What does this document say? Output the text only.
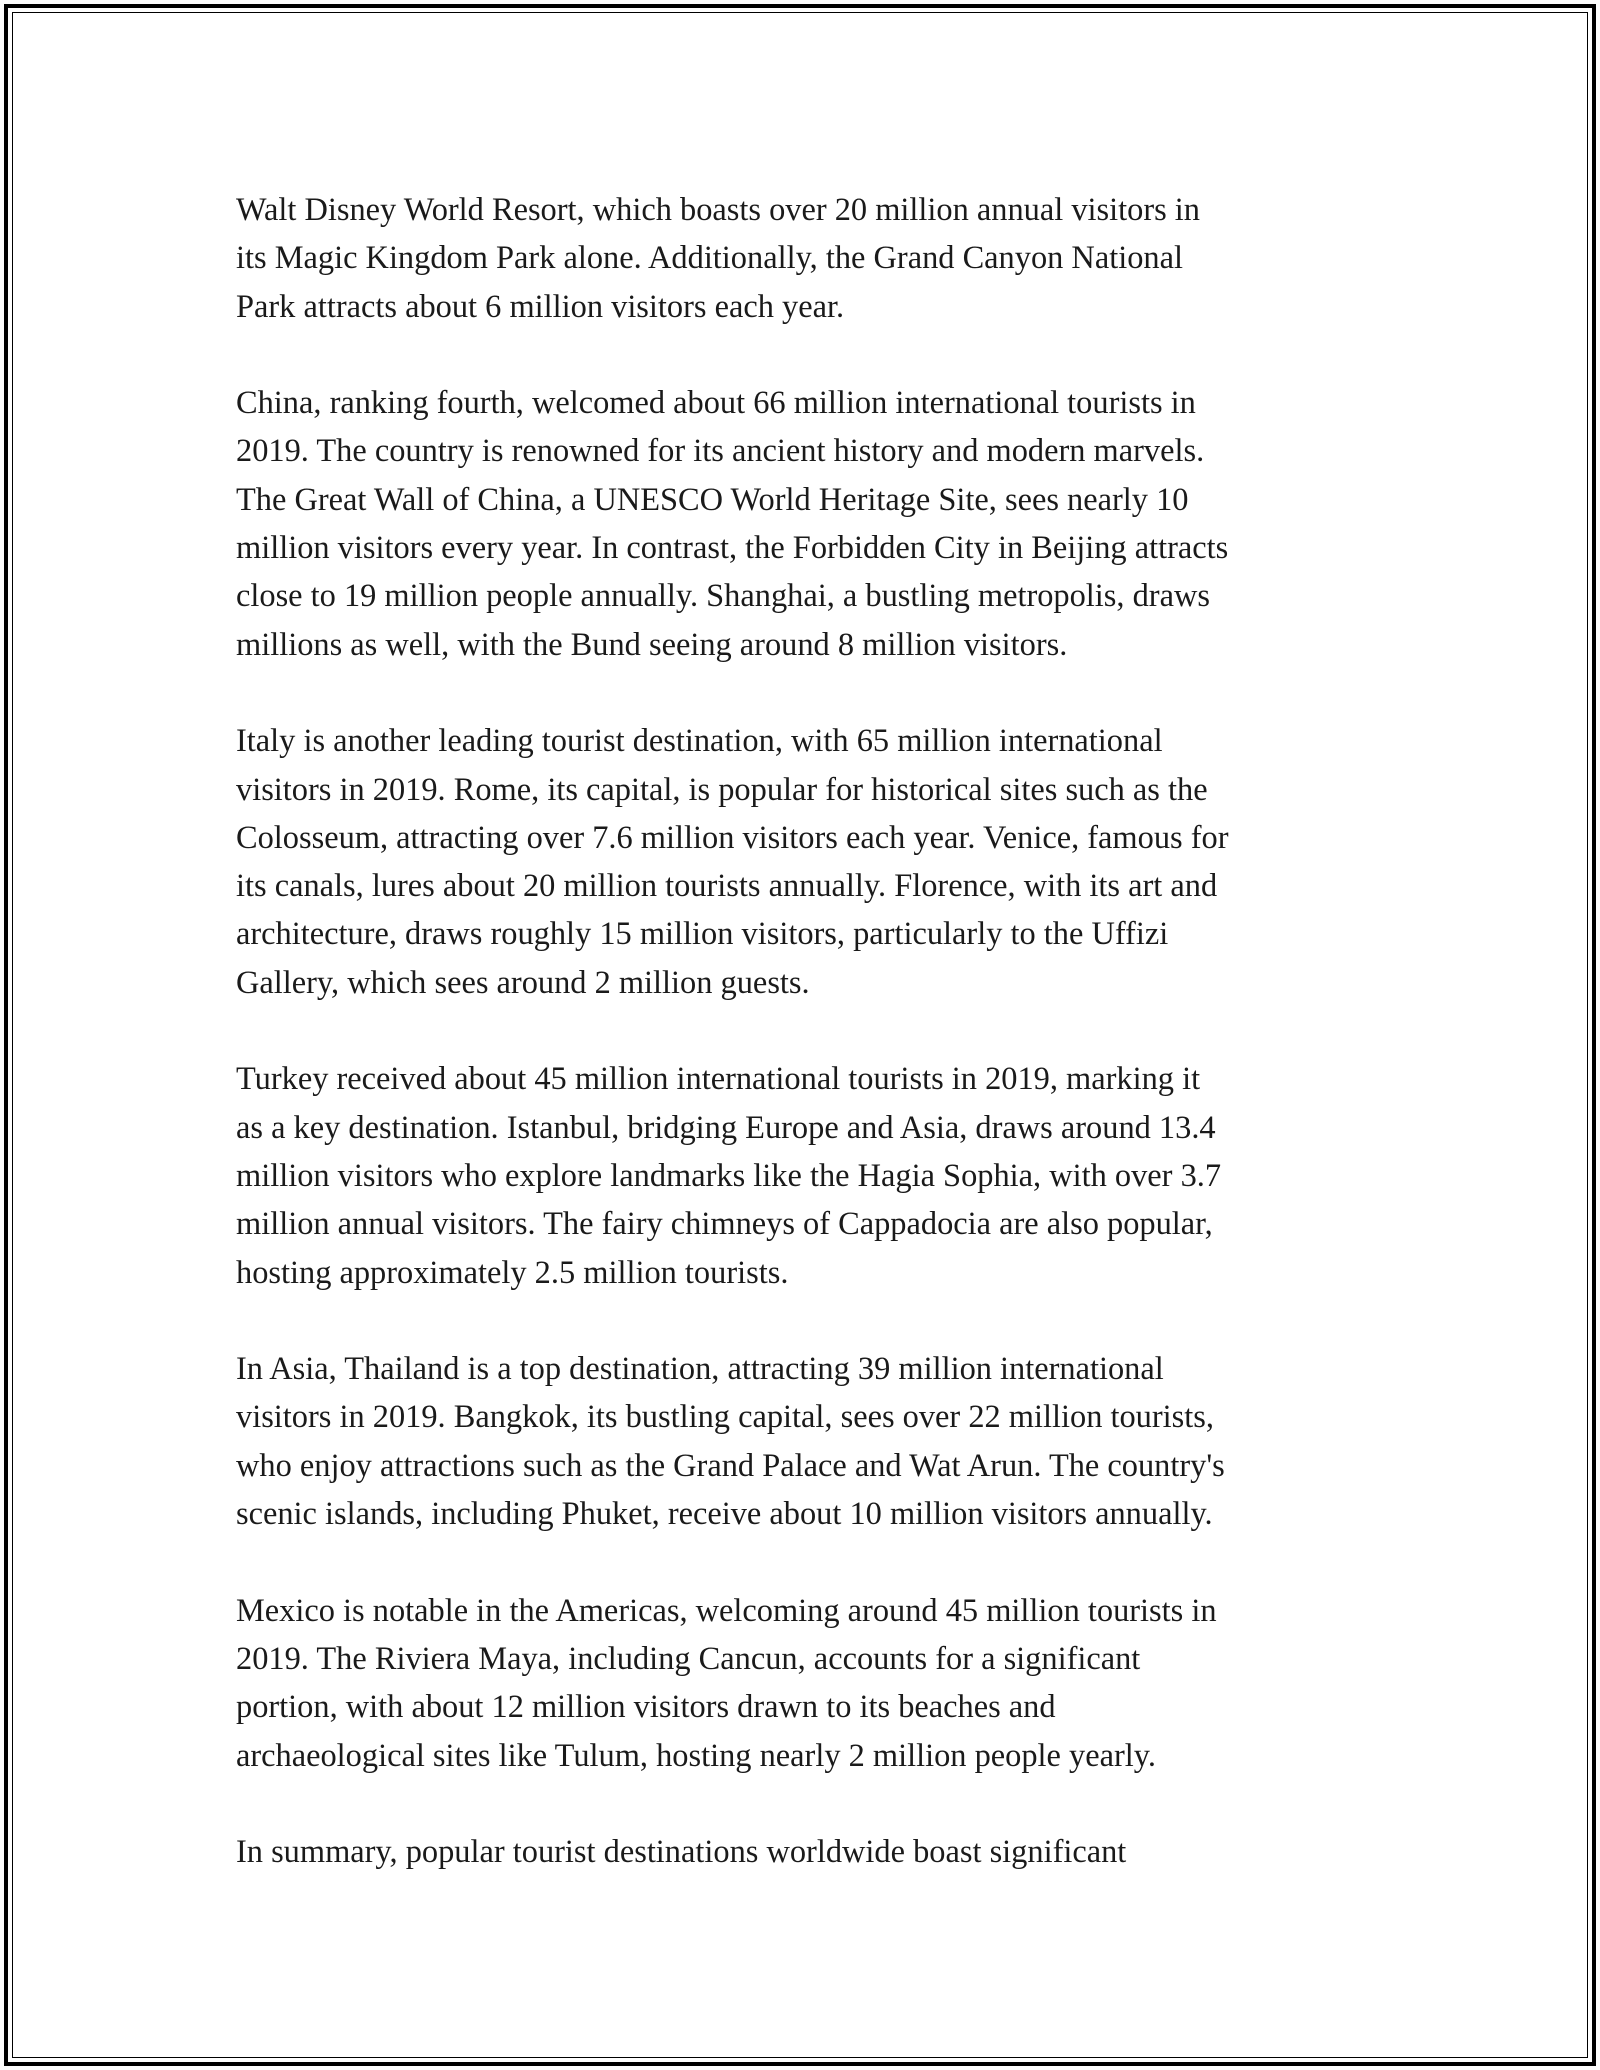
Walt Disney World Resort, which boasts over 20 million annual visitors in
its Magic Kingdom Park alone. Additionally, the Grand Canyon National
Park attracts about 6 million visitors each year.

China, ranking fourth, welcomed about 66 million international tourists in
2019. The country is renowned for its ancient history and modern marvels.
The Great Wall of China, a UNESCO World Heritage Site, sees nearly 10
million visitors every year. In contrast, the Forbidden City in Beijing attracts
close to 19 million people annually. Shanghai, a bustling metropolis, draws
millions as well, with the Bund seeing around 8 million visitors.

Italy is another leading tourist destination, with 65 million international
visitors in 2019. Rome, its capital, is popular for historical sites such as the
Colosseum, attracting over 7.6 million visitors each year. Venice, famous for
its canals, lures about 20 million tourists annually. Florence, with its art and
architecture, draws roughly 15 million visitors, particularly to the Uffizi
Gallery, which sees around 2 million guests.

Turkey received about 45 million international tourists in 2019, marking it
as a key destination. Istanbul, bridging Europe and Asia, draws around 13.4
million visitors who explore landmarks like the Hagia Sophia, with over 3.7
million annual visitors. The fairy chimneys of Cappadocia are also popular,
hosting approximately 2.5 million tourists.

In Asia, Thailand is a top destination, attracting 39 million international
visitors in 2019. Bangkok, its bustling capital, sees over 22 million tourists,
who enjoy attractions such as the Grand Palace and Wat Arun. The country's
scenic islands, including Phuket, receive about 10 million visitors annually.

Mexico is notable in the Americas, welcoming around 45 million tourists in
2019. The Riviera Maya, including Cancun, accounts for a significant
portion, with about 12 million visitors drawn to its beaches and
archaeological sites like Tulum, hosting nearly 2 million people yearly.

In summary, popular tourist destinations worldwide boast significant
